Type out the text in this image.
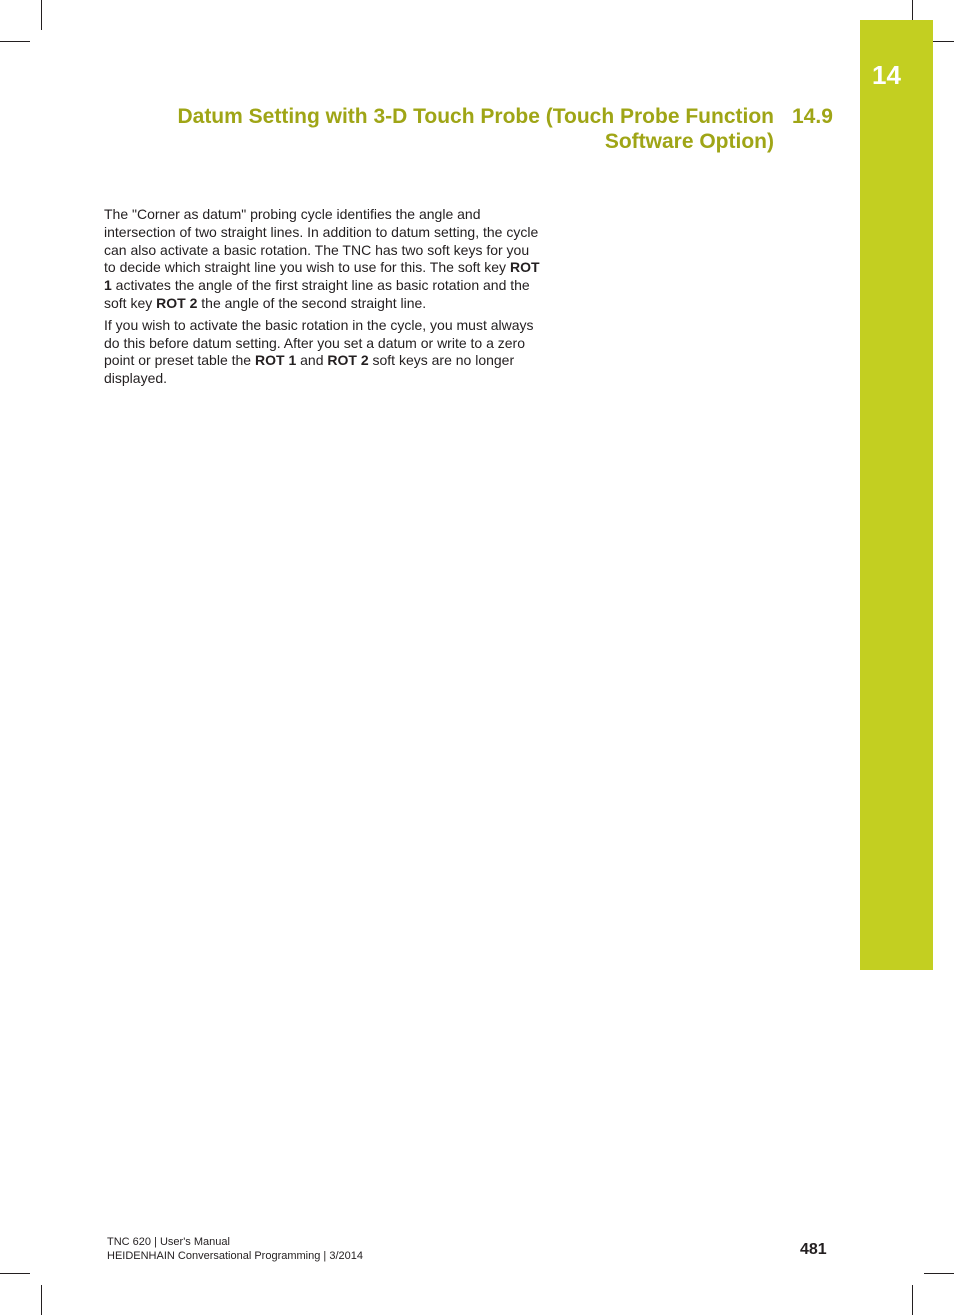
14
Datum Setting with 3-D Touch Probe (Touch Probe Function
Software Option)
14.9

The "Corner as datum" probing cycle identifies the angle and intersection of two straight lines. In addition to datum setting, the cycle can also activate a basic rotation. The TNC has two soft keys for you to decide which straight line you wish to use for this. The soft key ROT 1 activates the angle of the first straight line as basic rotation and the soft key ROT 2 the angle of the second straight line.

If you wish to activate the basic rotation in the cycle, you must always do this before datum setting. After you set a datum or write to a zero point or preset table the ROT 1 and ROT 2 soft keys are no longer displayed.

TNC 620 | User's Manual
HEIDENHAIN Conversational Programming | 3/2014	481
